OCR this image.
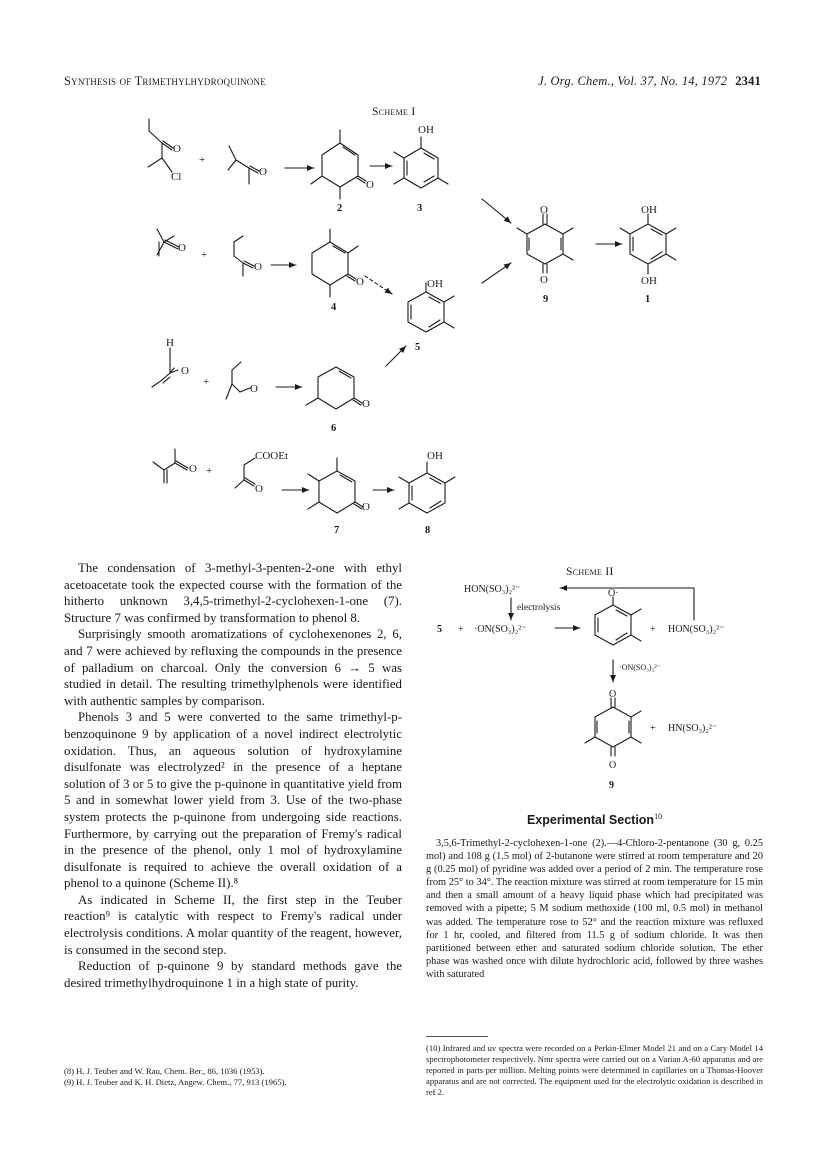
Synthesis of Trimethylhydroquinone	J. Org. Chem., Vol. 37, No. 14, 1972 2341
Scheme I
Scheme II
O
Cl
+
O
O
OH
O
O
OH
OH
O
+
O
O	OH
H
O
+
O
O
O +
COOEt
O
O
OH
2	3
9	1
4
5
6
7	8
HON(SO₃)₂²⁻
electrolysis
5 + ·ON(SO₃)₂²⁻
O·
+ HON(SO₃)₂²⁻
·ON(SO₃)₂²⁻
O
O
+ HN(SO₃)₂²⁻
9

The condensation of 3-methyl-3-penten-2-one with ethyl acetoacetate took the expected course with the formation of the hitherto unknown 3,4,5-trimethyl-2-cyclohexen-1-one (7). Structure 7 was confirmed by transformation to phenol 8.

Surprisingly smooth aromatizations of cyclohexenones 2, 6, and 7 were achieved by refluxing the compounds in the presence of palladium on charcoal. Only the conversion 6 → 5 was studied in detail. The resulting trimethylphenols were identified with authentic samples by comparison.

Phenols 3 and 5 were converted to the same trimethyl-p-benzoquinone 9 by application of a novel indirect electrolytic oxidation. Thus, an aqueous solution of hydroxylamine disulfonate was electrolyzed² in the presence of a heptane solution of 3 or 5 to give the p-quinone in quantitative yield from 5 and in somewhat lower yield from 3. Use of the two-phase system protects the p-quinone from undergoing side reactions. Furthermore, by carrying out the preparation of Fremy's radical in the presence of the phenol, only 1 mol of hydroxylamine disulfonate is required to achieve the overall oxidation of a phenol to a quinone (Scheme II).⁸

As indicated in Scheme II, the first step in the Teuber reaction⁹ is catalytic with respect to Fremy's radical under electrolysis conditions. A molar quantity of the reagent, however, is consumed in the second step.

Reduction of p-quinone 9 by standard methods gave the desired trimethylhydroquinone 1 in a high state of purity.

(8) H. J. Teuber and W. Rau, Chem. Ber., 86, 1036 (1953).
(9) H. J. Teuber and K. H. Dietz, Angew. Chem., 77, 913 (1965).
Experimental Section$^{10}$

3,5,6-Trimethyl-2-cyclohexen-1-one (2).—4-Chloro-2-pentanone (30 g, 0.25 mol) and 108 g (1.5 mol) of 2-butanone were stirred at room temperature and 20 g (0.25 mol) of pyridine was added over a period of 2 min. The temperature rose from 25° to 34°. The reaction mixture was stirred at room temperature for 15 min and then a small amount of a heavy liquid phase which had precipitated was removed with a pipette; 5 M sodium methoxide (100 ml, 0.5 mol) in methanol was added. The temperature rose to 52° and the reaction mixture was refluxed for 1 hr, cooled, and filtered from 11.5 g of sodium chloride. It was then partitioned between ether and saturated sodium chloride solution. The ether phase was washed once with dilute hydrochloric acid, followed by three washes with saturated

(10) Infrared and uv spectra were recorded on a Perkin-Elmer Model 21 and on a Cary Model 14 spectrophotometer respectively. Nmr spectra were carried out on a Varian A-60 apparatus and are reported in parts per million. Melting points were determined in capillaries on a Thomas-Hoover apparatus and are not corrected. The equipment used for the electrolytic oxidation is described in ref 2.
